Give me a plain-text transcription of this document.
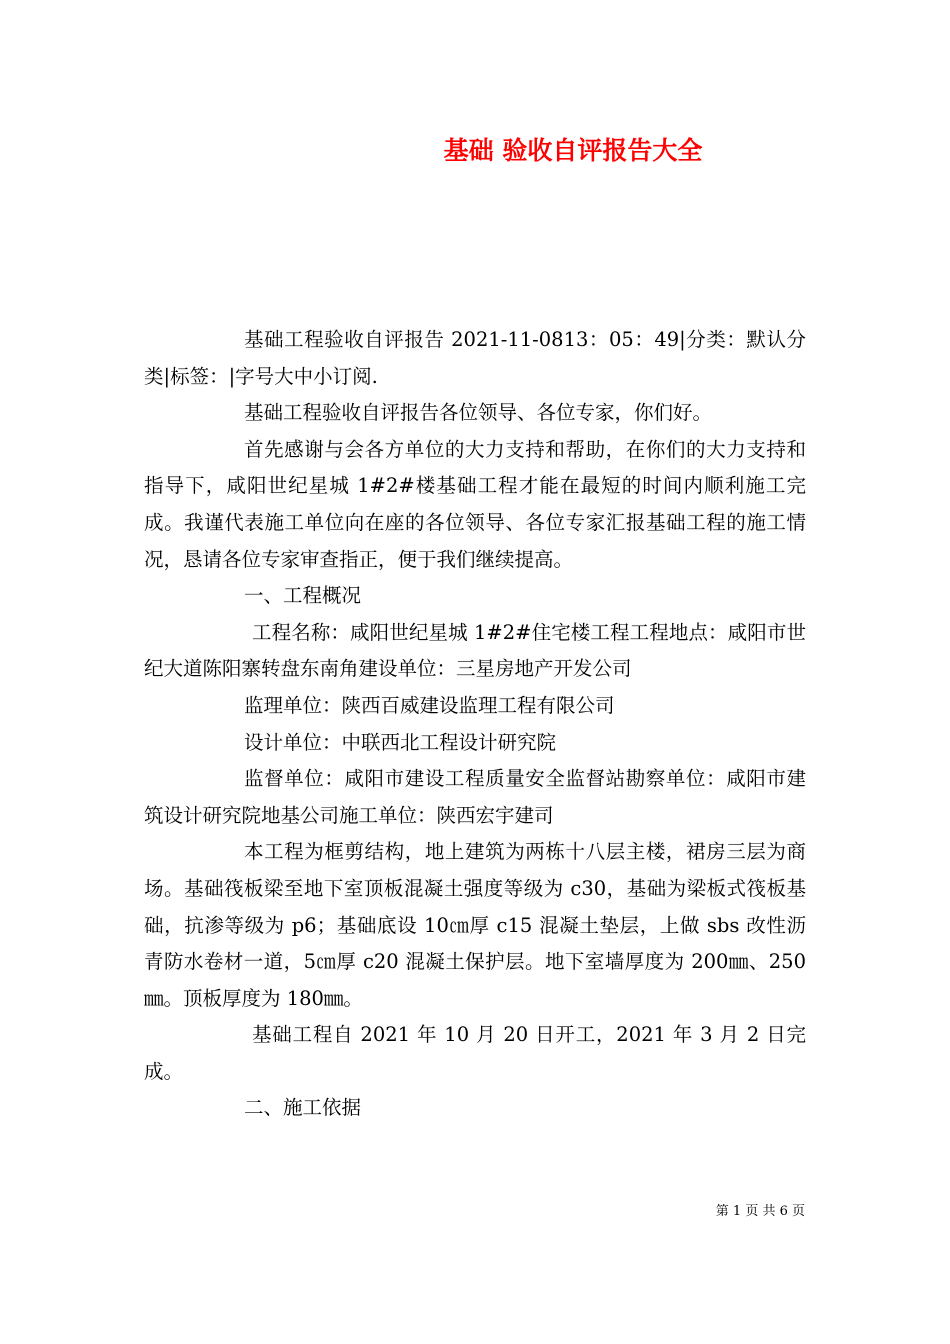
基础 验收自评报告大全

基础工程验收自评报告 2021-11-0813：05：49|分类：默认分类|标签：|字号大中小订阅.

基础工程验收自评报告各位领导、各位专家，你们好。

首先感谢与会各方单位的大力支持和帮助，在你们的大力支持和指导下，咸阳世纪星城 1#2#楼基础工程才能在最短的时间内顺利施工完成。我谨代表施工单位向在座的各位领导、各位专家汇报基础工程的施工情况，恳请各位专家审查指正，便于我们继续提高。

一、工程概况

工程名称：咸阳世纪星城 1#2#住宅楼工程工程地点：咸阳市世纪大道陈阳寨转盘东南角建设单位：三星房地产开发公司

监理单位：陕西百威建设监理工程有限公司

设计单位：中联西北工程设计研究院

监督单位：咸阳市建设工程质量安全监督站勘察单位：咸阳市建筑设计研究院地基公司施工单位：陕西宏宇建司

本工程为框剪结构，地上建筑为两栋十八层主楼，裙房三层为商场。基础筏板梁至地下室顶板混凝土强度等级为 c30，基础为梁板式筏板基础，抗渗等级为 p6；基础底设 10㎝厚 c15 混凝土垫层，上做 sbs 改性沥青防水卷材一道，5㎝厚 c20 混凝土保护层。地下室墙厚度为 200㎜、250㎜。顶板厚度为 180㎜。

基础工程自 2021 年 10 月 20 日开工，2021 年 3 月 2 日完成。

二、施工依据

第 1 页 共 6 页
